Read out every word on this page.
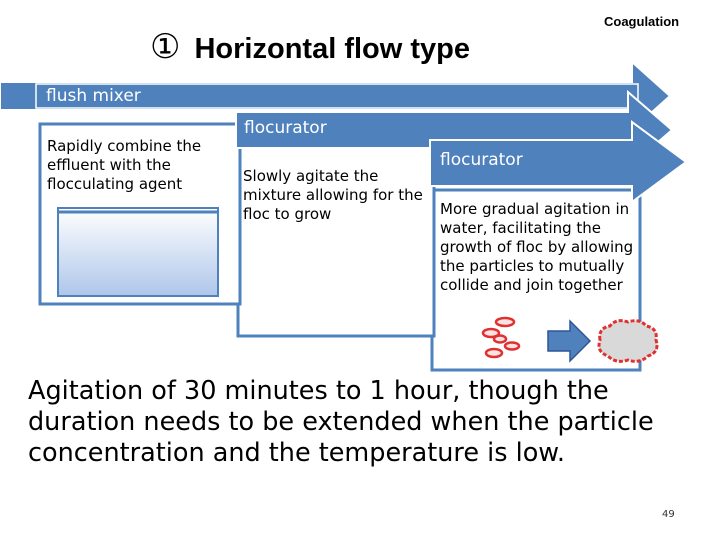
① Horizontal flow type
Coagulation
flush mixer
flocurator
flocurator
Rapidly combine the effluent with the flocculating agent	Slowly agitate the mixture allowing for the floc to grow	More gradual agitation in water, facilitating the growth of floc by allowing the particles to mutually collide and join together
Agitation of 30 minutes to 1 hour, though the duration needs to be extended when the particle concentration and the temperature is low.
49
